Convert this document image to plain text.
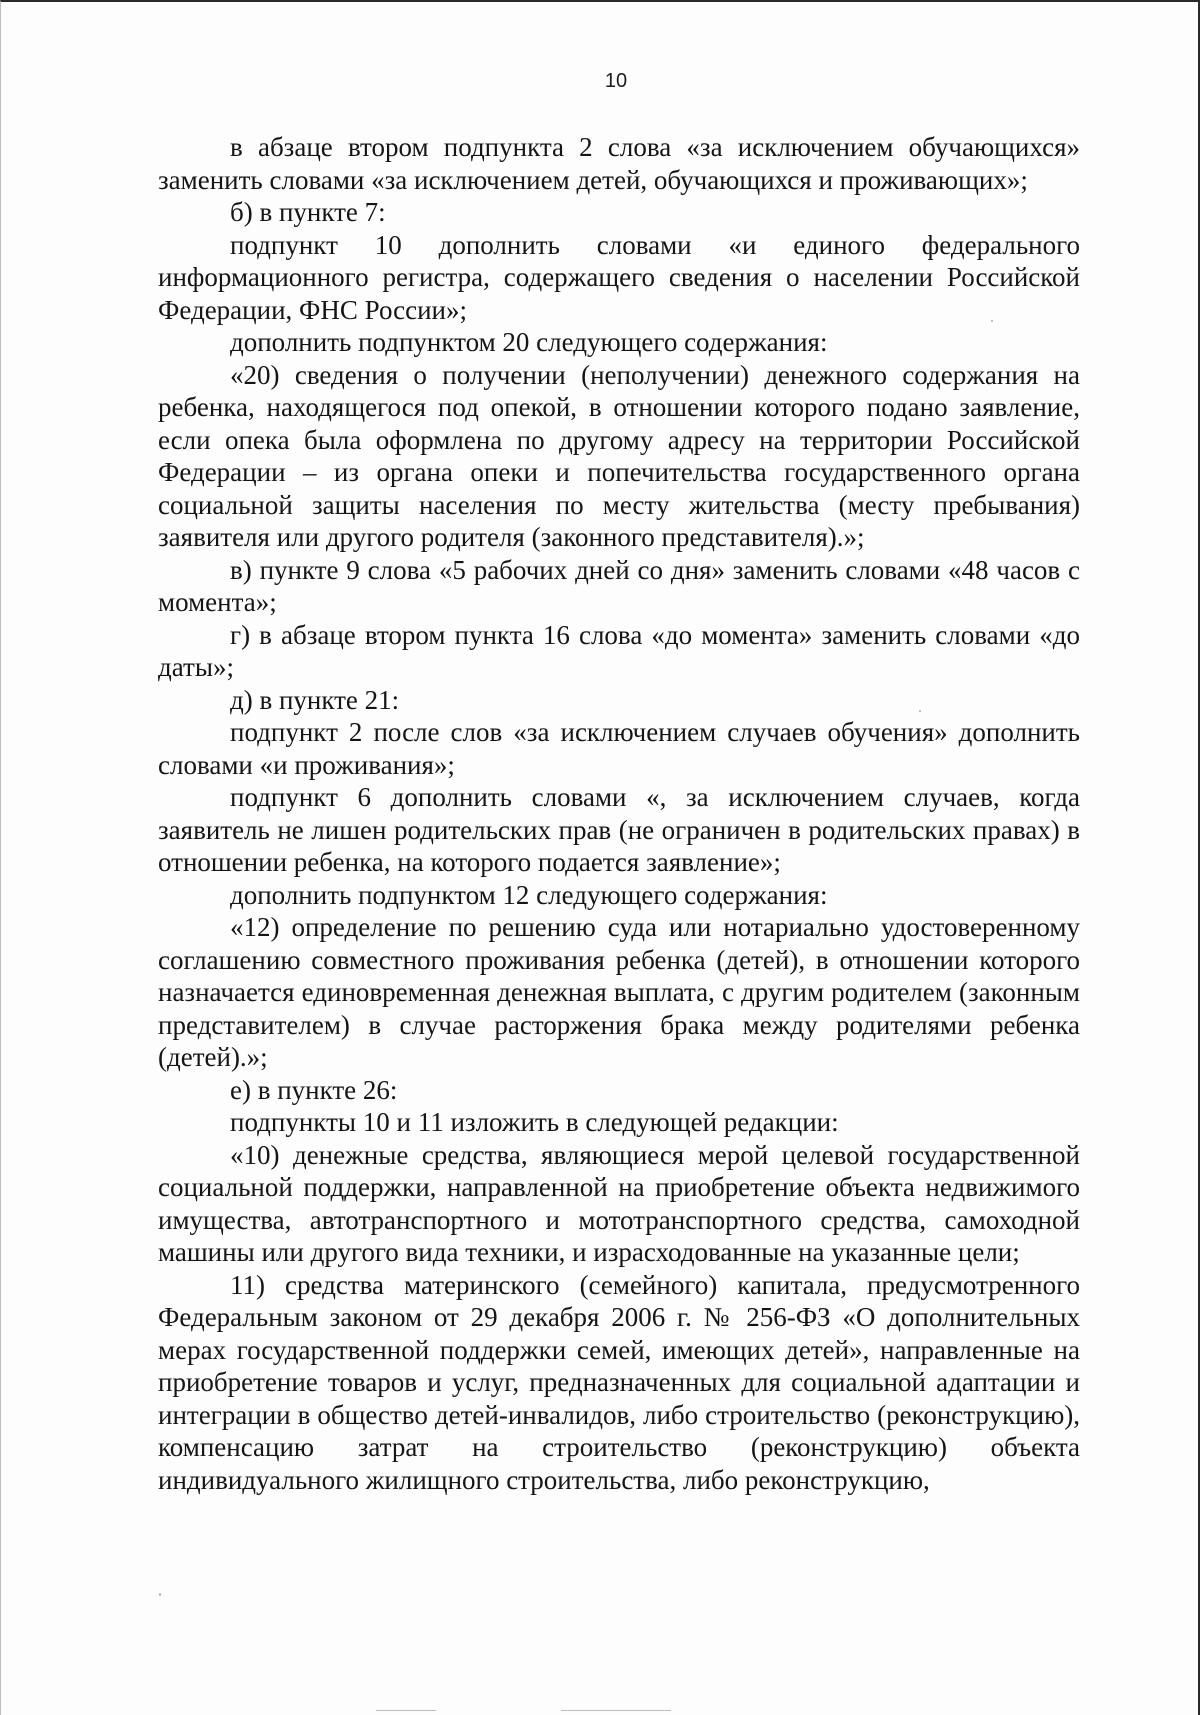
10

в абзаце втором подпункта 2 слова «за исключением обучающихся» заменить словами «за исключением детей, обучающихся и проживающих»;

б) в пункте 7:

подпункт 10 дополнить словами «и единого федерального информационного регистра, содержащего сведения о населении Российской Федерации, ФНС России»;

дополнить подпунктом 20 следующего содержания:

«20) сведения о получении (неполучении) денежного содержания на ребенка, находящегося под опекой, в отношении которого подано заявление, если опека была оформлена по другому адресу на территории Российской Федерации – из органа опеки и попечительства государственного органа социальной защиты населения по месту жительства (месту пребывания) заявителя или другого родителя (законного представителя).»;

в) пункте 9 слова «5 рабочих дней со дня» заменить словами «48 часов с момента»;

г) в абзаце втором пункта 16 слова «до момента» заменить словами «до даты»;

д) в пункте 21:

подпункт 2 после слов «за исключением случаев обучения» дополнить словами «и проживания»;

подпункт 6 дополнить словами «, за исключением случаев, когда заявитель не лишен родительских прав (не ограничен в родительских правах) в отношении ребенка, на которого подается заявление»;

дополнить подпунктом 12 следующего содержания:

«12) определение по решению суда или нотариально удостоверенному соглашению совместного проживания ребенка (детей), в отношении которого назначается единовременная денежная выплата, с другим родителем (законным представителем) в случае расторжения брака между родителями ребенка (детей).»;

е) в пункте 26:

подпункты 10 и 11 изложить в следующей редакции:

«10) денежные средства, являющиеся мерой целевой государственной социальной поддержки, направленной на приобретение объекта недвижимого имущества, автотранспортного и мототранспортного средства, самоходной машины или другого вида техники, и израсходованные на указанные цели;

11) средства материнского (семейного) капитала, предусмотренного Федеральным законом от 29 декабря 2006 г. № 256-ФЗ «О дополнительных мерах государственной поддержки семей, имеющих детей», направленные на приобретение товаров и услуг, предназначенных для социальной адаптации и интеграции в общество детей-инвалидов, либо строительство (реконструкцию), компенсацию затрат на строительство (реконструкцию) объекта индивидуального жилищного строительства, либо реконструкцию,
